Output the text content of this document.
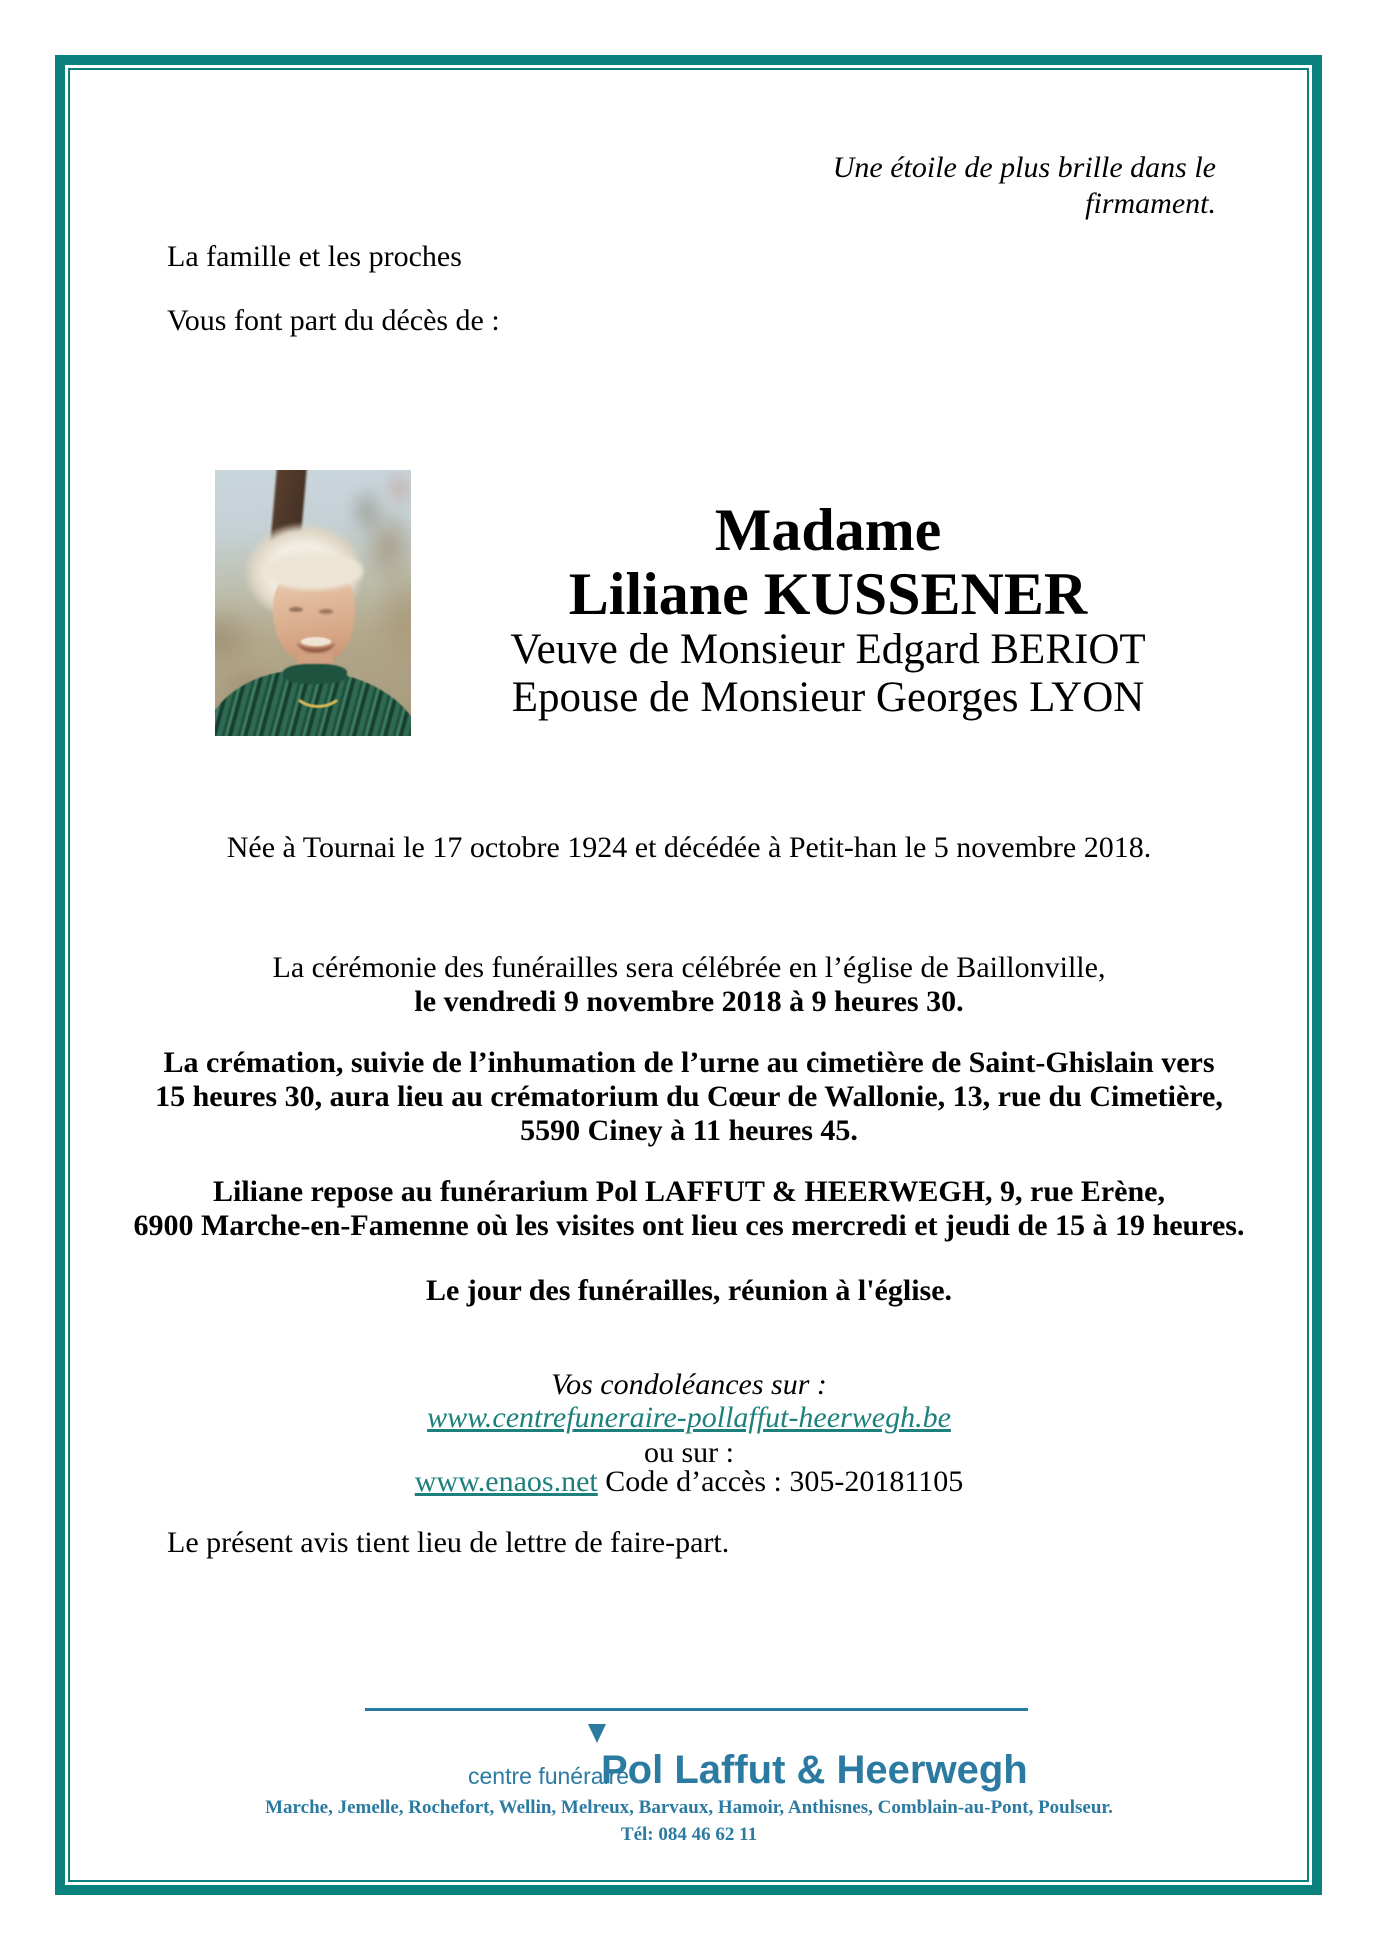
Une étoile de plus brille dans le firmament.
La famille et les proches
Vous font part du décès de :
Madame
Liliane KUSSENER
Veuve de Monsieur Edgard BERIOT
Epouse de Monsieur Georges LYON
Née à Tournai le 17 octobre 1924 et décédée à Petit-han le 5 novembre 2018.
La cérémonie des funérailles sera célébrée en l’église de Baillonville,
le vendredi 9 novembre 2018 à 9 heures 30.
La crémation, suivie de l’inhumation de l’urne au cimetière de Saint-Ghislain vers
15 heures 30, aura lieu au crématorium du Cœur de Wallonie, 13, rue du Cimetière,
5590 Ciney à 11 heures 45.
Liliane repose au funérarium Pol LAFFUT & HEERWEGH, 9, rue Erène,
6900 Marche-en-Famenne où les visites ont lieu ces mercredi et jeudi de 15 à 19 heures.
Le jour des funérailles, réunion à l'église.
Vos condoléances sur :
www.centrefuneraire-pollaffut-heerwegh.be
ou sur :
www.enaos.net Code d’accès : 305-20181105
Le présent avis tient lieu de lettre de faire-part.
centre funéraire
Pol Laffut & Heerwegh
Marche, Jemelle, Rochefort, Wellin, Melreux, Barvaux, Hamoir, Anthisnes, Comblain-au-Pont, Poulseur.
Tél: 084 46 62 11
